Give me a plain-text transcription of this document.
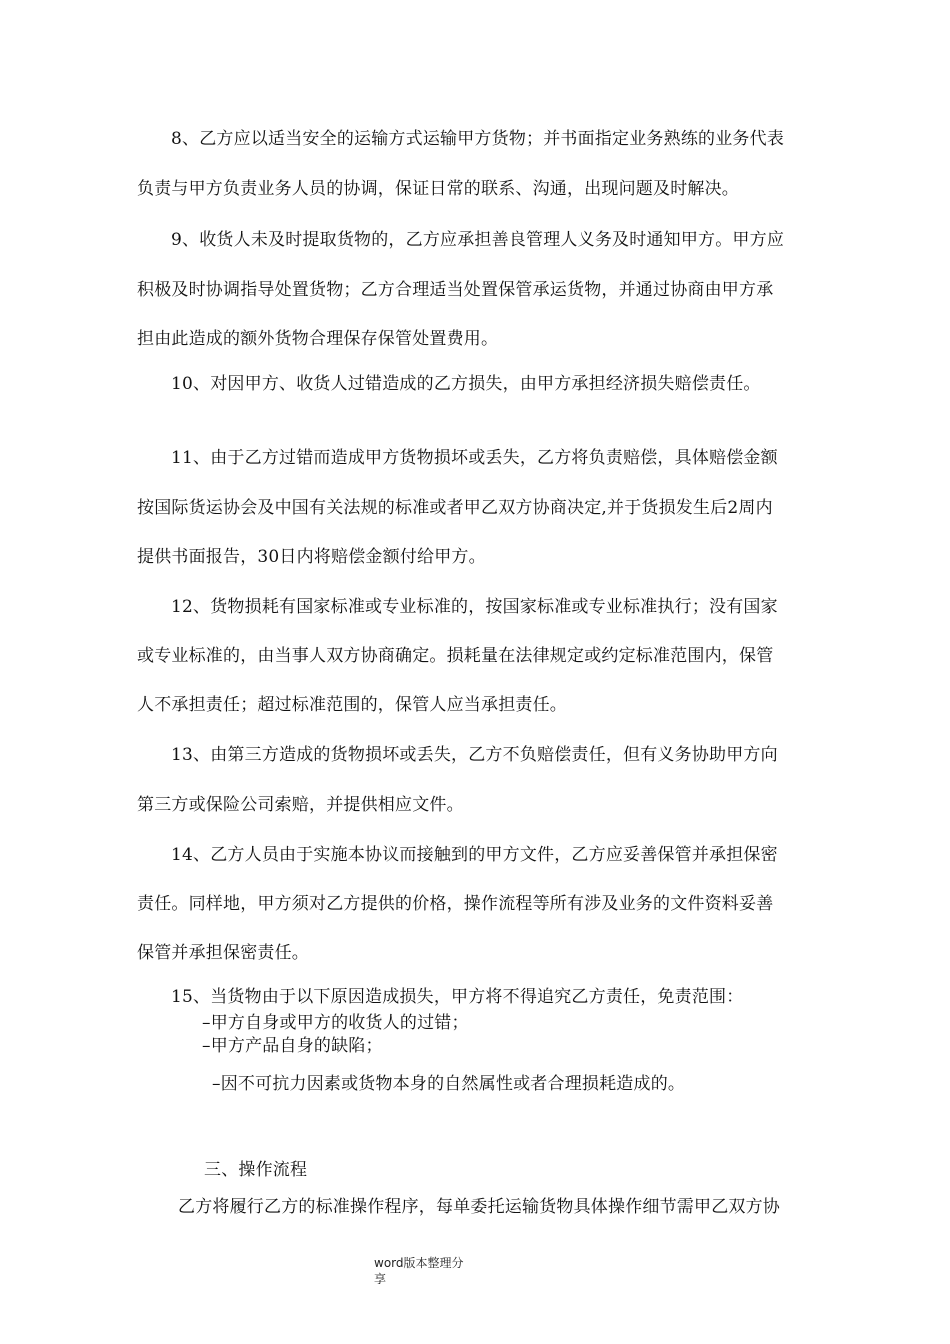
8、乙方应以适当安全的运输方式运输甲方货物；并书面指定业务熟练的业务代表
负责与甲方负责业务人员的协调，保证日常的联系、沟通，出现问题及时解决。
9、收货人未及时提取货物的，乙方应承担善良管理人义务及时通知甲方。甲方应
积极及时协调指导处置货物；乙方合理适当处置保管承运货物，并通过协商由甲方承
担由此造成的额外货物合理保存保管处置费用。
10、对因甲方、收货人过错造成的乙方损失，由甲方承担经济损失赔偿责任。
11、由于乙方过错而造成甲方货物损坏或丢失，乙方将负责赔偿，具体赔偿金额
按国际货运协会及中国有关法规的标准或者甲乙双方协商决定,并于货损发生后2周内
提供书面报告，30日内将赔偿金额付给甲方。
12、货物损耗有国家标准或专业标准的，按国家标准或专业标准执行；没有国家
或专业标准的，由当事人双方协商确定。损耗量在法律规定或约定标准范围内，保管
人不承担责任；超过标准范围的，保管人应当承担责任。
13、由第三方造成的货物损坏或丢失，乙方不负赔偿责任，但有义务协助甲方向
第三方或保险公司索赔，并提供相应文件。
14、乙方人员由于实施本协议而接触到的甲方文件，乙方应妥善保管并承担保密
责任。同样地，甲方须对乙方提供的价格，操作流程等所有涉及业务的文件资料妥善
保管并承担保密责任。
15、当货物由于以下原因造成损失，甲方将不得追究乙方责任，免责范围：
–甲方自身或甲方的收货人的过错；
–甲方产品自身的缺陷；
–因不可抗力因素或货物本身的自然属性或者合理损耗造成的。
三、操作流程
乙方将履行乙方的标准操作程序，每单委托运输货物具体操作细节需甲乙双方协
word版本整理分
享
